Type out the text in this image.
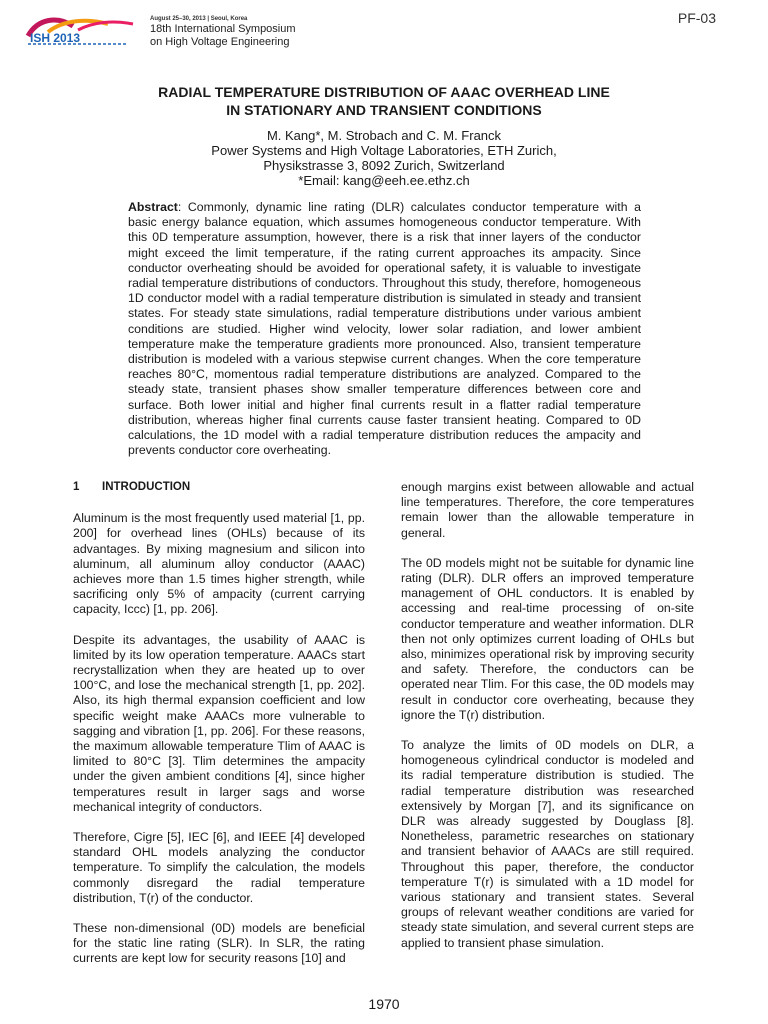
ISH 2013
August 25–30, 2013 | Seoul, Korea
18th International Symposium
on High Voltage Engineering
PF-03
RADIAL TEMPERATURE DISTRIBUTION OF AAAC OVERHEAD LINE
IN STATIONARY AND TRANSIENT CONDITIONS
M. Kang*, M. Strobach and C. M. Franck
Power Systems and High Voltage Laboratories, ETH Zurich,
Physikstrasse 3, 8092 Zurich, Switzerland
*Email: kang@eeh.ee.ethz.ch
Abstract: Commonly, dynamic line rating (DLR) calculates conductor temperature with a basic energy balance equation, which assumes homogeneous conductor temperature. With this 0D temperature assumption, however, there is a risk that inner layers of the conductor might exceed the limit temperature, if the rating current approaches its ampacity. Since conductor overheating should be avoided for operational safety, it is valuable to investigate radial temperature distributions of conductors. Throughout this study, therefore, homogeneous 1D conductor model with a radial temperature distribution is simulated in steady and transient states. For steady state simulations, radial temperature distributions under various ambient conditions are studied. Higher wind velocity, lower solar radiation, and lower ambient temperature make the temperature gradients more pronounced. Also, transient temperature distribution is modeled with a various stepwise current changes. When the core temperature reaches 80°C, momentous radial temperature distributions are analyzed. Compared to the steady state, transient phases show smaller temperature differences between core and surface. Both lower initial and higher final currents result in a flatter radial temperature distribution, whereas higher final currents cause faster transient heating. Compared to 0D calculations, the 1D model with a radial temperature distribution reduces the ampacity and prevents conductor core overheating.
1 INTRODUCTION

Aluminum is the most frequently used material [1, pp. 200] for overhead lines (OHLs) because of its advantages. By mixing magnesium and silicon into aluminum, all aluminum alloy conductor (AAAC) achieves more than 1.5 times higher strength, while sacrificing only 5% of ampacity (current carrying capacity, Iccc) [1, pp. 206].

Despite its advantages, the usability of AAAC is limited by its low operation temperature. AAACs start recrystallization when they are heated up to over 100°C, and lose the mechanical strength [1, pp. 202]. Also, its high thermal expansion coefficient and low specific weight make AAACs more vulnerable to sagging and vibration [1, pp. 206]. For these reasons, the maximum allowable temperature Tlim of AAAC is limited to 80°C [3]. Tlim determines the ampacity under the given ambient conditions [4], since higher temperatures result in larger sags and worse mechanical integrity of conductors.

Therefore, Cigre [5], IEC [6], and IEEE [4] developed standard OHL models analyzing the conductor temperature. To simplify the calculation, the models commonly disregard the radial temperature distribution, T(r) of the conductor.

These non-dimensional (0D) models are beneficial for the static line rating (SLR). In SLR, the rating currents are kept low for security reasons [10] and

enough margins exist between allowable and actual line temperatures. Therefore, the core temperatures remain lower than the allowable temperature in general.

The 0D models might not be suitable for dynamic line rating (DLR). DLR offers an improved temperature management of OHL conductors. It is enabled by accessing and real-time processing of on-site conductor temperature and weather information. DLR then not only optimizes current loading of OHLs but also, minimizes operational risk by improving security and safety. Therefore, the conductors can be operated near Tlim. For this case, the 0D models may result in conductor core overheating, because they ignore the T(r) distribution.

To analyze the limits of 0D models on DLR, a homogeneous cylindrical conductor is modeled and its radial temperature distribution is studied. The radial temperature distribution was researched extensively by Morgan [7], and its significance on DLR was already suggested by Douglass [8]. Nonetheless, parametric researches on stationary and transient behavior of AAACs are still required. Throughout this paper, therefore, the conductor temperature T(r) is simulated with a 1D model for various stationary and transient states. Several groups of relevant weather conditions are varied for steady state simulation, and several current steps are applied to transient phase simulation.

1970
